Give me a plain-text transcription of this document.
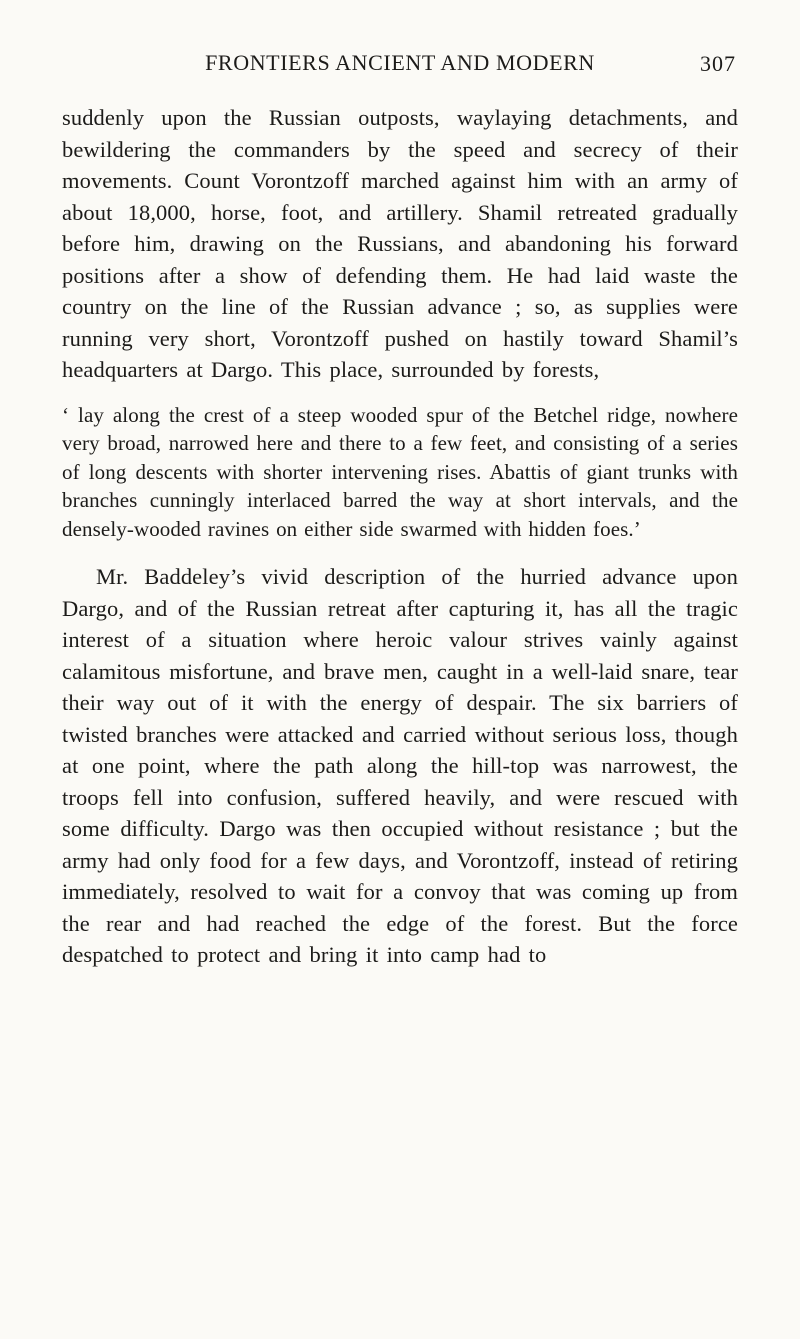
FRONTIERS ANCIENT AND MODERN	307

suddenly upon the Russian outposts, waylaying detachments, and bewildering the commanders by the speed and secrecy of their movements. Count Vorontzoff marched against him with an army of about 18,000, horse, foot, and artillery. Shamil retreated gradually before him, drawing on the Russians, and abandoning his forward positions after a show of defending them. He had laid waste the country on the line of the Russian advance ; so, as supplies were running very short, Vorontzoff pushed on hastily toward Shamil’s headquarters at Dargo. This place, surrounded by forests,

‘ lay along the crest of a steep wooded spur of the Betchel ridge, nowhere very broad, narrowed here and there to a few feet, and consisting of a series of long descents with shorter intervening rises. Abattis of giant trunks with branches cunningly interlaced barred the way at short intervals, and the densely-wooded ravines on either side swarmed with hidden foes.’

Mr. Baddeley’s vivid description of the hurried advance upon Dargo, and of the Russian retreat after capturing it, has all the tragic interest of a situation where heroic valour strives vainly against calamitous misfortune, and brave men, caught in a well-laid snare, tear their way out of it with the energy of despair. The six barriers of twisted branches were attacked and carried without serious loss, though at one point, where the path along the hill-top was narrowest, the troops fell into confusion, suffered heavily, and were rescued with some difficulty. Dargo was then occupied without resistance ; but the army had only food for a few days, and Vorontzoff, instead of retiring immediately, resolved to wait for a convoy that was coming up from the rear and had reached the edge of the forest. But the force despatched to protect and bring it into camp had to
